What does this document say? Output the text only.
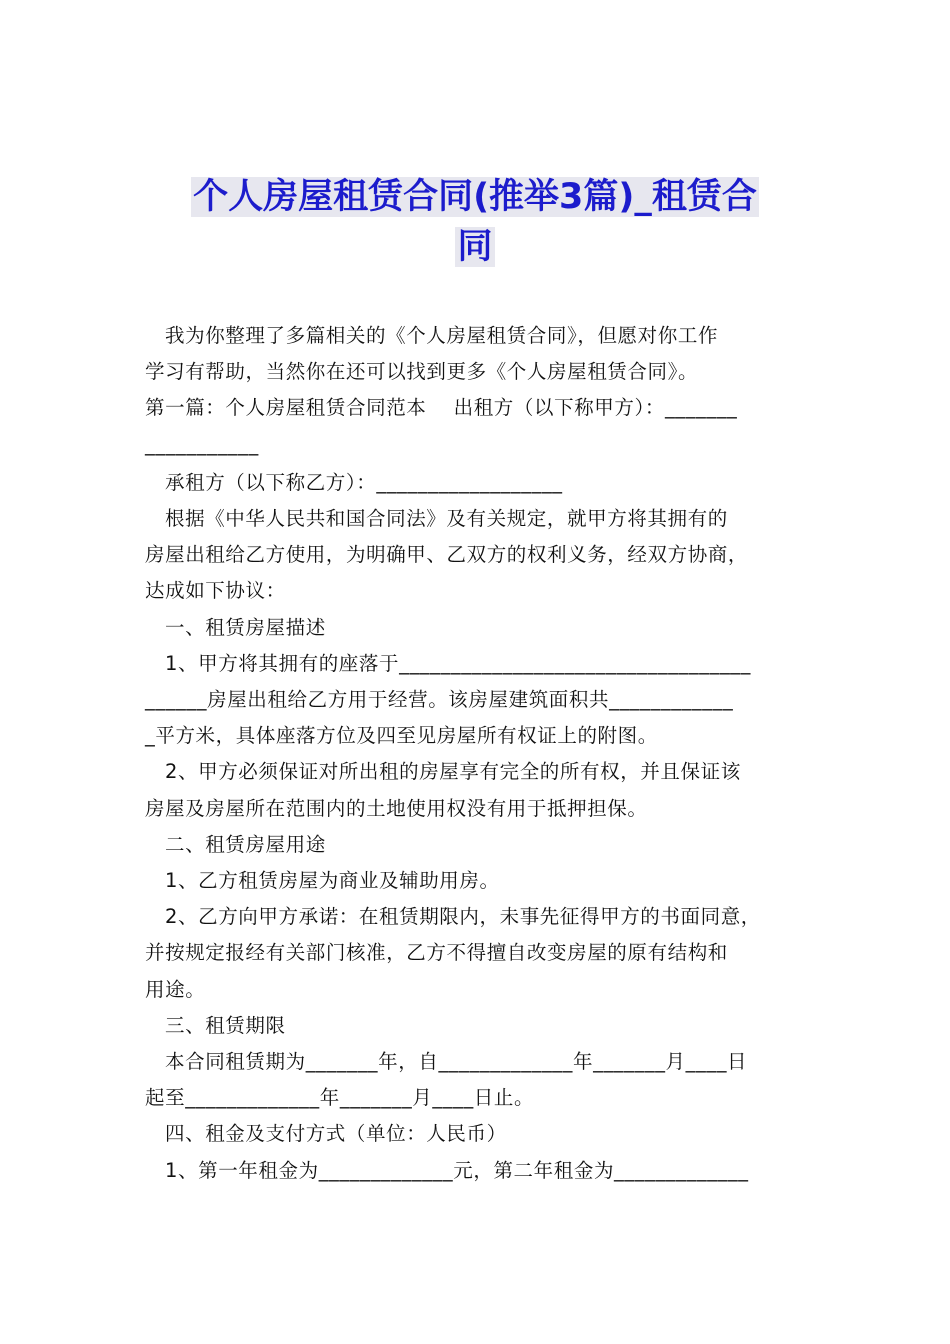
个人房屋租赁合同(推举3篇)_租赁合
同

我为你整理了多篇相关的《个人房屋租赁合同》，但愿对你工作

学习有帮助，当然你在还可以找到更多《个人房屋租赁合同》。

第一篇：个人房屋租赁合同范本    出租方（以下称甲方）：_______

___________

承租方（以下称乙方）：__________________

根据《中华人民共和国合同法》及有关规定，就甲方将其拥有的

房屋出租给乙方使用，为明确甲、乙双方的权利义务，经双方协商，

达成如下协议：

一、租赁房屋描述

1、甲方将其拥有的座落于__________________________________

______房屋出租给乙方用于经营。该房屋建筑面积共____________

_平方米，具体座落方位及四至见房屋所有权证上的附图。

2、甲方必须保证对所出租的房屋享有完全的所有权，并且保证该

房屋及房屋所在范围内的土地使用权没有用于抵押担保。

二、租赁房屋用途

1、乙方租赁房屋为商业及辅助用房。

2、乙方向甲方承诺：在租赁期限内，未事先征得甲方的书面同意，

并按规定报经有关部门核准，乙方不得擅自改变房屋的原有结构和

用途。

三、租赁期限

本合同租赁期为_______年，自_____________年_______月____日

起至_____________年_______月____日止。

四、租金及支付方式（单位：人民币）

1、第一年租金为_____________元，第二年租金为_____________
